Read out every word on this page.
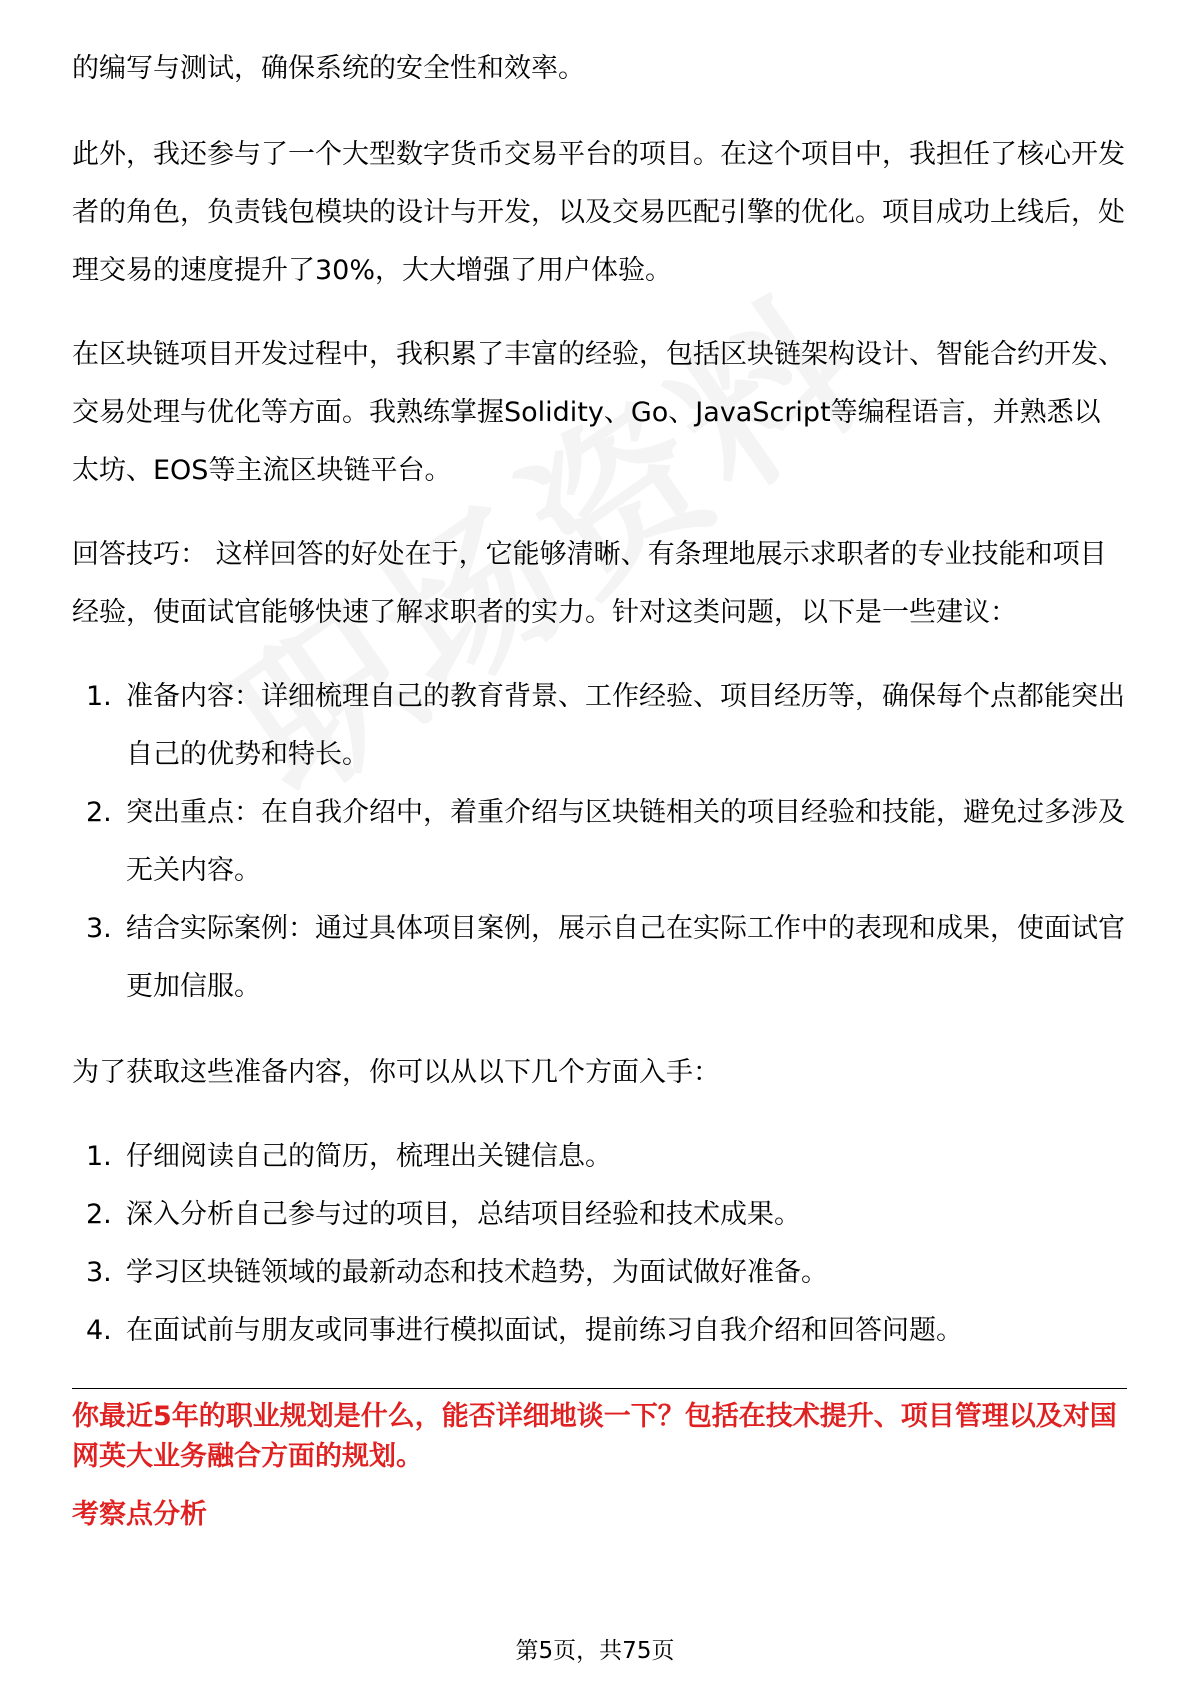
的编写与测试，确保系统的安全性和效率。

此外，我还参与了一个大型数字货币交易平台的项目。在这个项目中，我担任了核心开发者的角色，负责钱包模块的设计与开发，以及交易匹配引擎的优化。项目成功上线后，处理交易的速度提升了30%，大大增强了用户体验。

在区块链项目开发过程中，我积累了丰富的经验，包括区块链架构设计、智能合约开发、交易处理与优化等方面。我熟练掌握Solidity、Go、JavaScript等编程语言，并熟悉以太坊、EOS等主流区块链平台。

回答技巧： 这样回答的好处在于，它能够清晰、有条理地展示求职者的专业技能和项目经验，使面试官能够快速了解求职者的实力。针对这类问题，以下是一些建议：

1. 准备内容：详细梳理自己的教育背景、工作经验、项目经历等，确保每个点都能突出自己的优势和特长。
2. 突出重点：在自我介绍中，着重介绍与区块链相关的项目经验和技能，避免过多涉及无关内容。
3. 结合实际案例：通过具体项目案例，展示自己在实际工作中的表现和成果，使面试官更加信服。

为了获取这些准备内容，你可以从以下几个方面入手：

1. 仔细阅读自己的简历，梳理出关键信息。
2. 深入分析自己参与过的项目，总结项目经验和技术成果。
3. 学习区块链领域的最新动态和技术趋势，为面试做好准备。
4. 在面试前与朋友或同事进行模拟面试，提前练习自我介绍和回答问题。

你最近5年的职业规划是什么，能否详细地谈一下？包括在技术提升、项目管理以及对国网英大业务融合方面的规划。

考察点分析

第5页，共75页
